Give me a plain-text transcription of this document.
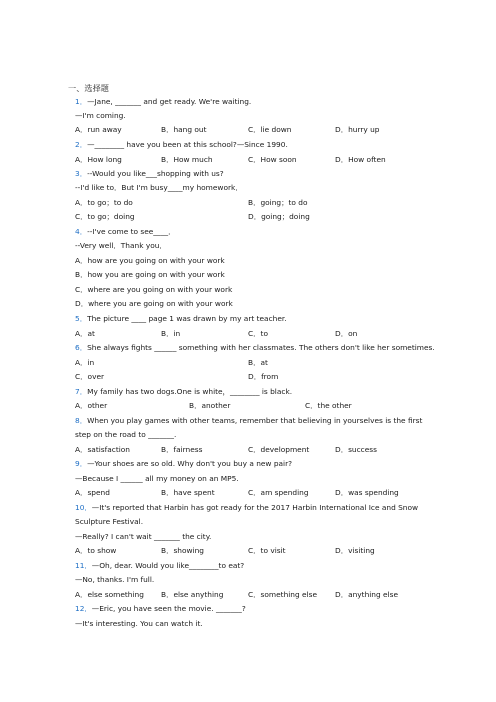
一、选择题
1．—Jane, _______ and get ready. We're waiting.
—I'm coming.
A．run away	B．hang out	C．lie down	D．hurry up
2．—________ have you been at this school?—Since 1990.
A．How long	B．How much	C．How soon	D．How often
3．--Would you like___shopping with us?
--I'd like to．But I'm busy____my homework．
A．to go；to do	B．going；to do
C．to go；doing	D．going；doing
4．--I've come to see____．
--Very well．Thank you．
A．how are you going on with your work
B．how you are going on with your work
C．where are you going on with your work
D．where you are going on with your work
5．The picture ____ page 1 was drawn by my art teacher.
A．at	B．in	C．to	D．on
6．She always fights ______ something with her classmates. The others don't like her sometimes.
A．in	B．at
C．over	D．from
7．My family has two dogs.One is white，________ is black.
A．other	B．another	C．the other
8．When you play games with other teams, remember that believing in yourselves is the first
step on the road to _______.
A．satisfaction	B．fairness	C．development	D．success
9．—Your shoes are so old. Why don't you buy a new pair?
—Because I ______ all my money on an MP5.
A．spend	B．have spent	C．am spending	D．was spending
10．—It's reported that Harbin has got ready for the 2017 Harbin International Ice and Snow
Sculpture Festival.
—Really? I can't wait _______ the city.
A．to show	B．showing	C．to visit	D．visiting
11．—Oh, dear. Would you like________to eat?
—No, thanks. I'm full.
A．else something B．else anything	C．something else D．anything else
12．—Eric, you have seen the movie. _______?
—It's interesting. You can watch it.
